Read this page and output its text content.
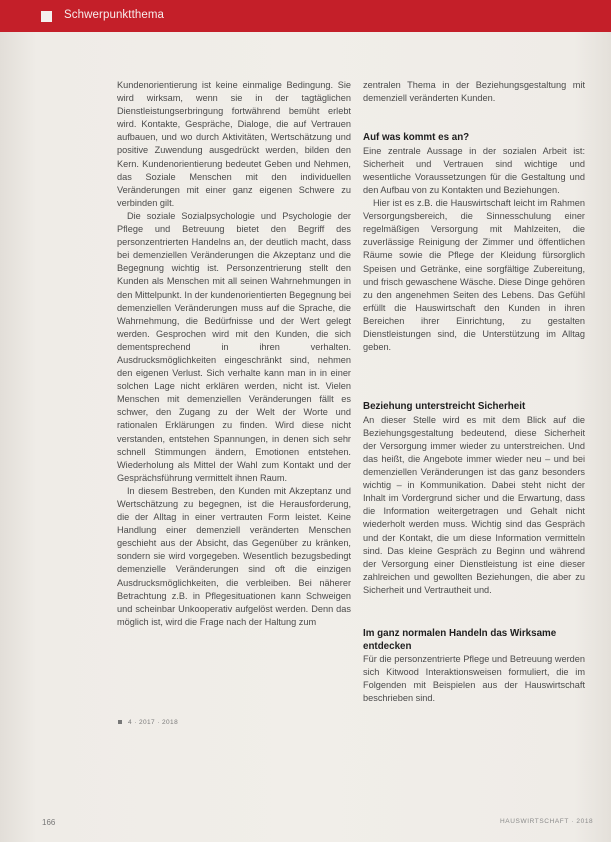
Schwerpunktthema

Kundenorientierung ist keine einmalige Bedingung. Sie wird wirksam, wenn sie in der tagtäglichen Dienstleistungserbringung fortwährend bemüht erlebt wird. Kontakte, Gespräche, Dialoge, die auf Vertrauen aufbauen, und wo durch Aktivitäten, Wertschätzung und positive Zuwendung ausgedrückt werden, bilden den Kern. Kundenorientierung bedeutet Geben und Nehmen, das Soziale Menschen mit den individuellen Veränderungen mit einer ganz eigenen Schwere zu verbinden gilt.

Die soziale Sozialpsychologie und Psychologie der Pflege und Betreuung bietet den Begriff des personzentrierten Handelns an, der deutlich macht, dass bei demenziellen Veränderungen die Akzeptanz und die Begegnung wichtig ist. Personzentrierung stellt den Kunden als Menschen mit all seinen Wahrnehmungen in den Mittelpunkt. In der kundenorientierten Begegnung bei demenziellen Veränderungen muss auf die Sprache, die Wahrnehmung, die Bedürfnisse und der Wert gelegt werden. Gesprochen wird mit den Kunden, die sich dementsprechend in ihren verhalten. Ausdrucksmöglichkeiten eingeschränkt sind, nehmen den eigenen Verlust. Sich verhalte kann man in in einer solchen Lage nicht erklären werden, nicht ist. Vielen Menschen mit demenziellen Veränderungen fällt es schwer, den Zugang zu der Welt der Worte und rationalen Erklärungen zu finden. Wird diese nicht verstanden, entstehen Spannungen, in denen sich sehr schnell Stimmungen ändern, Emotionen entstehen. Wiederholung als Mittel der Wahl zum Kontakt und der Gesprächsführung vermittelt ihnen Raum.

In diesem Bestreben, den Kunden mit Akzeptanz und Wertschätzung zu begegnen, ist die Herausforderung, die der Alltag in einer vertrauten Form leistet. Keine Handlung einer demenziell veränderten Menschen geschieht aus der Absicht, das Gegenüber zu kränken, sondern sie wird vorgegeben. Wesentlich bezugsbedingt demenzielle Veränderungen sind oft die einzigen Ausdrucksmöglichkeiten, die verbleiben. Bei näherer Betrachtung z.B. in Pflegesituationen kann Schweigen und scheinbar Unkooperativ aufgelöst werden. Denn das möglich ist, wird die Frage nach der Haltung zum

zentralen Thema in der Beziehungsgestaltung mit demenziell veränderten Kunden.

Auf was kommt es an?

Eine zentrale Aussage in der sozialen Arbeit ist: Sicherheit und Vertrauen sind wichtige und wesentliche Voraussetzungen für die Gestaltung und den Aufbau von zu Kontakten und Beziehungen.

Hier ist es z.B. die Hauswirtschaft leicht im Rahmen Versorgungsbereich, die Sinnesschulung einer regelmäßigen Versorgung mit Mahlzeiten, die zuverlässige Reinigung der Zimmer und öffentlichen Räume sowie die Pflege der Kleidung fürsorglich Speisen und Getränke, eine sorgfältige Zubereitung, und frisch gewaschene Wäsche. Diese Dinge gehören zu den angenehmen Seiten des Lebens. Das Gefühl erfüllt die Hauswirtschaft den Kunden in ihren Bereichen ihrer Einrichtung, zu gestalten Dienstleistungen sind, die Unterstützung im Alltag geben.

Beziehung unterstreicht Sicherheit

An dieser Stelle wird es mit dem Blick auf die Beziehungsgestaltung bedeutend, diese Sicherheit der Versorgung immer wieder zu unterstreichen. Und das heißt, die Angebote immer wieder neu – und bei demenziellen Veränderungen ist das ganz besonders wichtig – in Kommunikation. Dabei steht nicht der Inhalt im Vordergrund sicher und die Erwartung, dass die Information weitergetragen und Gehalt nicht wiederholt werden muss. Wichtig sind das Gespräch und der Kontakt, die um diese Information vermitteln sind. Das kleine Gespräch zu Beginn und während der Versorgung einer Dienstleistung ist eine dieser zahlreichen und gewollten Beziehungen, die aber zu Sicherheit und Vertrautheit und.

Im ganz normalen Handeln das Wirksame entdecken

Für die personzentrierte Pflege und Betreuung werden sich Kitwood Interaktionsweisen formuliert, die im Folgenden mit Beispielen aus der Hauswirtschaft beschrieben sind.

4 · 2017 · 2018
166	HAUSWIRTSCHAFT · 2018
